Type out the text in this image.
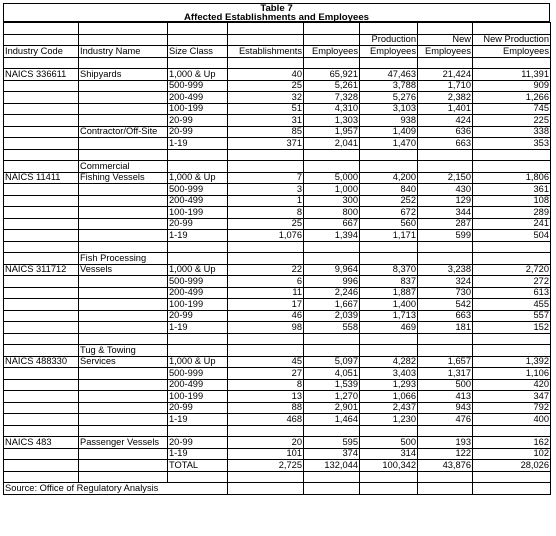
Table 7
Affected Establishments and Employees

					Production	New	New Production
Industry Code	Industry Name	Size Class	Establishments	Employees	Employees	Employees	Employees

NAICS 336611	Shipyards	1,000 & Up	40	65,921	47,463	21,424	11,391
		500-999	25	5,261	3,788	1,710	909
		200-499	32	7,328	5,276	2,382	1,266
		100-199	51	4,310	3,103	1,401	745
		20-99	31	1,303	938	424	225
	Contractor/Off-Site	20-99	85	1,957	1,409	636	338
		1-19	371	2,041	1,470	663	353

	Commercial						
NAICS 11411	Fishing Vessels	1,000 & Up	7	5,000	4,200	2,150	1,806
		500-999	3	1,000	840	430	361
		200-499	1	300	252	129	108
		100-199	8	800	672	344	289
		20-99	25	667	560	287	241
		1-19	1,076	1,394	1,171	599	504

	Fish Processing						
NAICS 311712	Vessels	1,000 & Up	22	9,964	8,370	3,238	2,720
		500-999	6	996	837	324	272
		200-499	11	2,246	1,887	730	613
		100-199	17	1,667	1,400	542	455
		20-99	46	2,039	1,713	663	557
		1-19	98	558	469	181	152

	Tug & Towing						
NAICS 488330	Services	1,000 & Up	45	5,097	4,282	1,657	1,392
		500-999	27	4,051	3,403	1,317	1,106
		200-499	8	1,539	1,293	500	420
		100-199	13	1,270	1,066	413	347
		20-99	88	2,901	2,437	943	792
		1-19	468	1,464	1,230	476	400

NAICS 483	Passenger Vessels	20-99	20	595	500	193	162
		1-19	101	374	314	122	102
		TOTAL	2,725	132,044	100,342	43,876	28,026

Source: Office of Regulatory Analysis							
